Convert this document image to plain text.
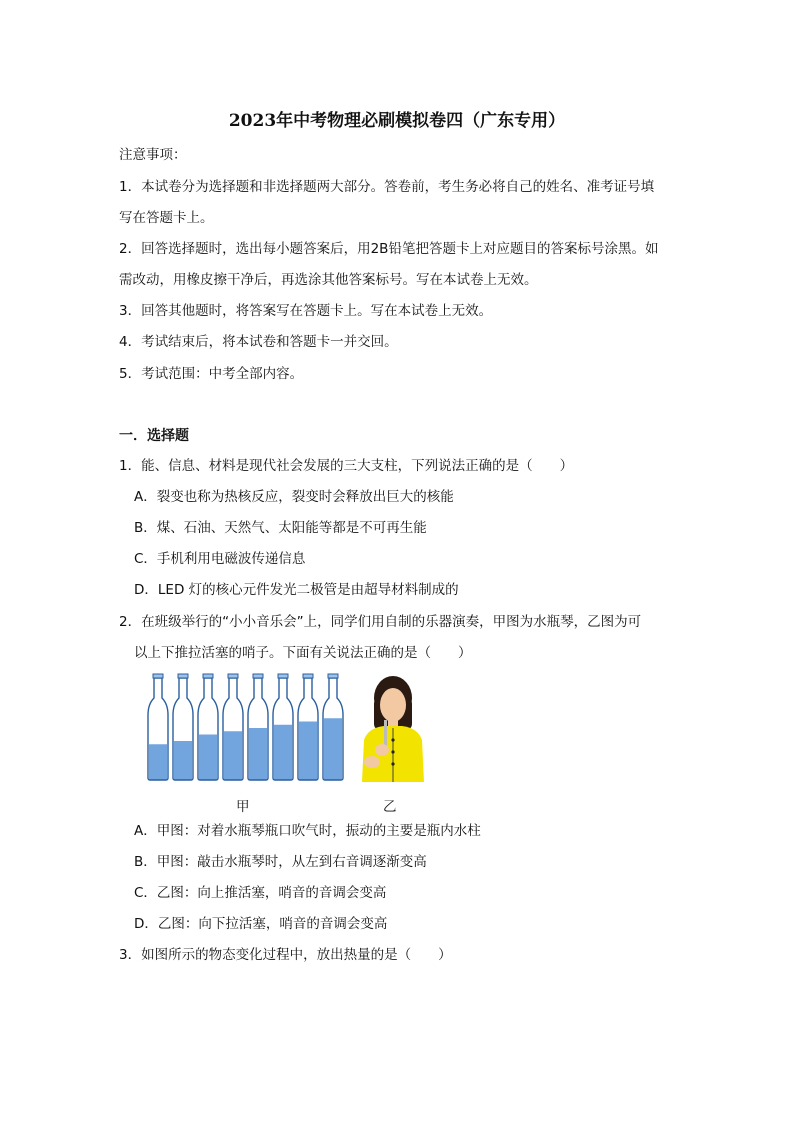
2023年中考物理必刷模拟卷四（广东专用）
注意事项：
1．本试卷分为选择题和非选择题两大部分。答卷前，考生务必将自己的姓名、准考证号填
写在答题卡上。
2．回答选择题时，选出每小题答案后，用2B铅笔把答题卡上对应题目的答案标号涂黑。如
需改动，用橡皮擦干净后，再选涂其他答案标号。写在本试卷上无效。
3．回答其他题时，将答案写在答题卡上。写在本试卷上无效。
4．考试结束后，将本试卷和答题卡一并交回。
5．考试范围：中考全部内容。
一．选择题
1．能、信息、材料是现代社会发展的三大支柱，下列说法正确的是（　　）
A．裂变也称为热核反应，裂变时会释放出巨大的核能
B．煤、石油、天然气、太阳能等都是不可再生能
C．手机利用电磁波传递信息
D．LED 灯的核心元件发光二极管是由超导材料制成的
2．在班级举行的“小小音乐会”上，同学们用自制的乐器演奏，甲图为水瓶琴，乙图为可
以上下推拉活塞的哨子。下面有关说法正确的是（　　）
甲	乙
A．甲图：对着水瓶琴瓶口吹气时，振动的主要是瓶内水柱
B．甲图：敲击水瓶琴时，从左到右音调逐渐变高
C．乙图：向上推活塞，哨音的音调会变高
D．乙图：向下拉活塞，哨音的音调会变高
3．如图所示的物态变化过程中，放出热量的是（　　）
